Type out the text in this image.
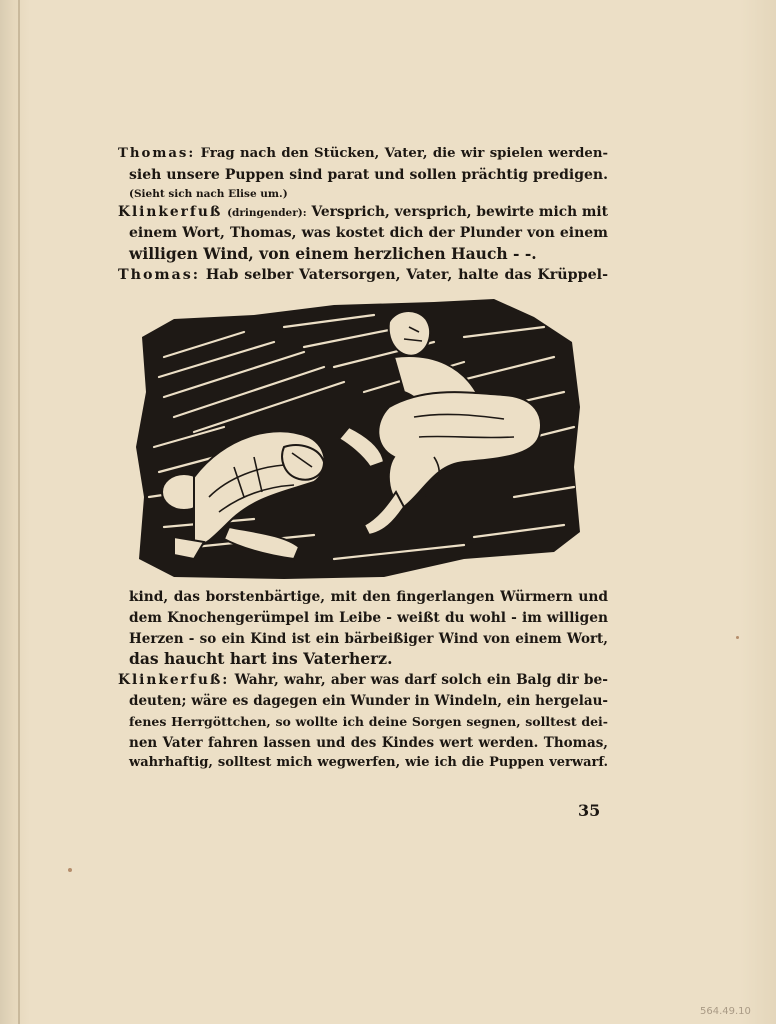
Thomas: Frag nach den Stücken, Vater, die wir spielen werden-
sieh unsere Puppen sind parat und sollen prächtig predigen.
(Sieht sich nach Elise um.)
Klinkerfuß (dringender): Versprich, versprich, bewirte mich mit
einem Wort, Thomas, was kostet dich der Plunder von einem
willigen Wind, von einem herzlichen Hauch - -.
Thomas: Hab selber Vatersorgen, Vater, halte das Krüppel-
kind, das borstenbärtige, mit den fingerlangen Würmern und
dem Knochengerümpel im Leibe - weißt du wohl - im willigen
Herzen - so ein Kind ist ein bärbeißiger Wind von einem Wort,
das haucht hart ins Vaterherz.
Klinkerfuß: Wahr, wahr, aber was darf solch ein Balg dir be-
deuten; wäre es dagegen ein Wunder in Windeln, ein hergelau-
fenes Herrgöttchen, so wollte ich deine Sorgen segnen, solltest dei-
nen Vater fahren lassen und des Kindes wert werden. Thomas,
wahrhaftig, solltest mich wegwerfen, wie ich die Puppen verwarf.
35
564.49.10
